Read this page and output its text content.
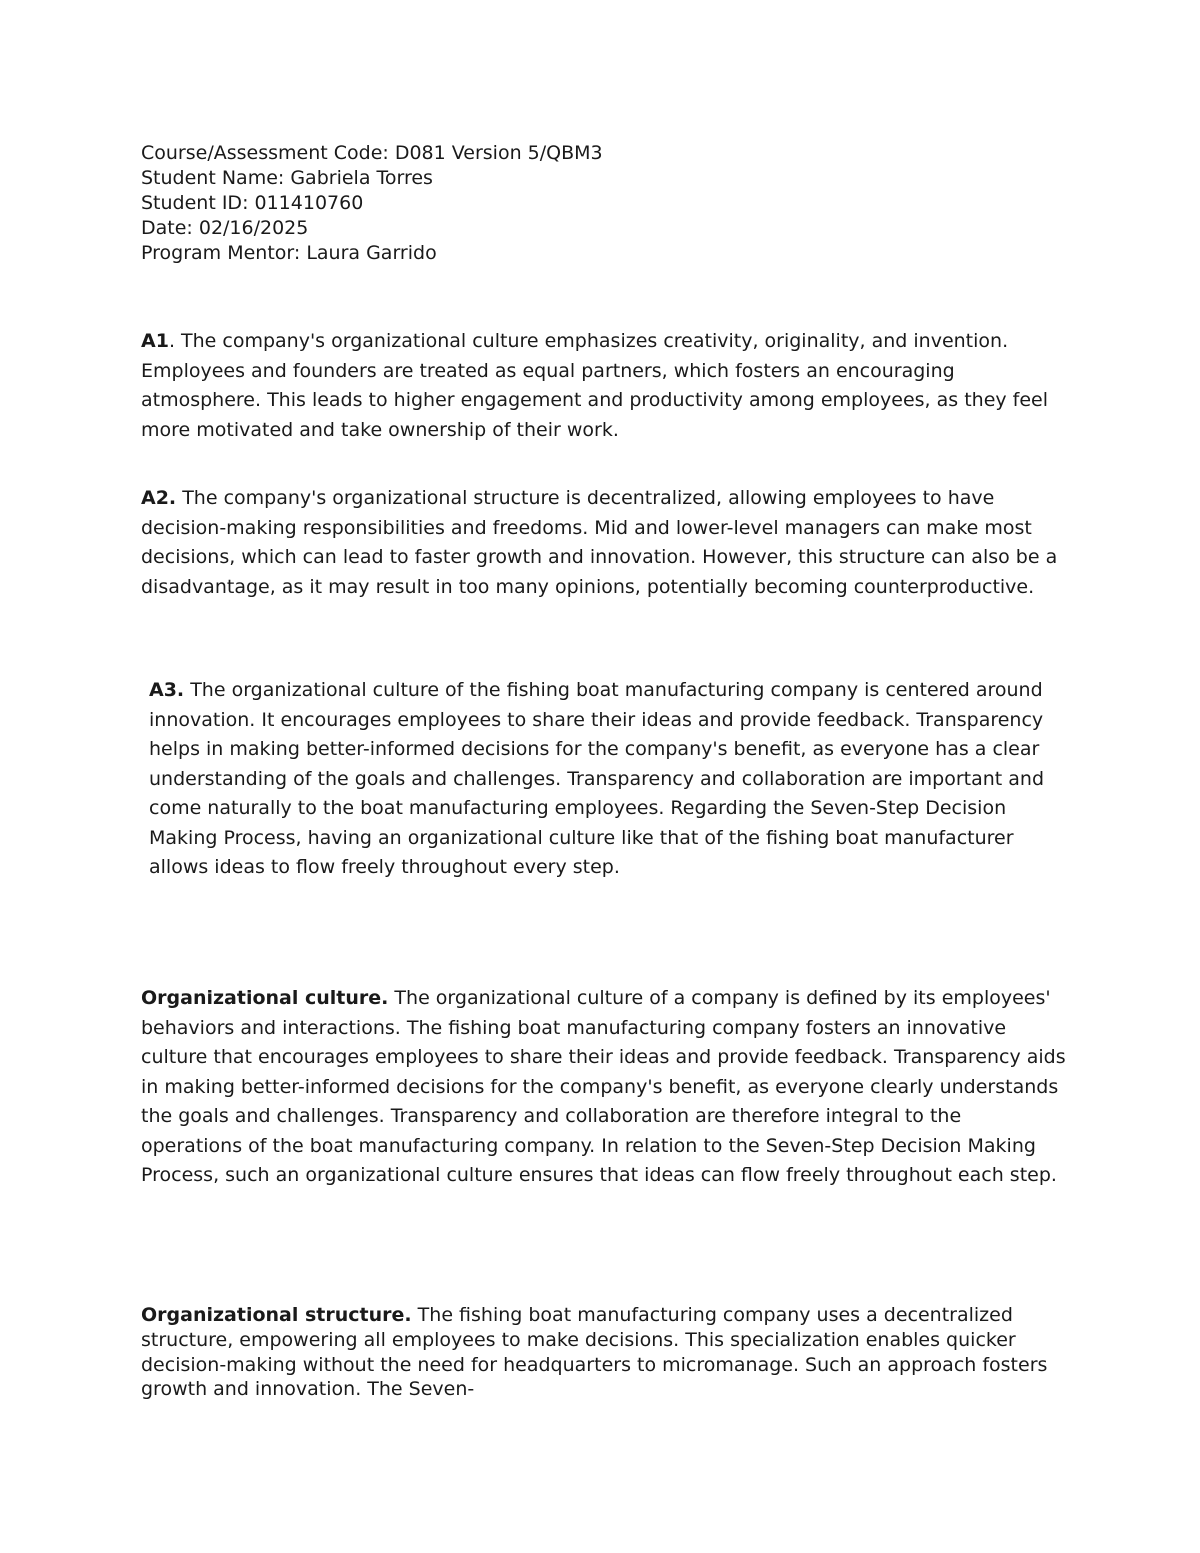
Course/Assessment Code: D081 Version 5/QBM3
Student Name: Gabriela Torres
Student ID: 011410760
Date: 02/16/2025
Program Mentor: Laura Garrido

A1. The company's organizational culture emphasizes creativity, originality, and invention. Employees and founders are treated as equal partners, which fosters an encouraging atmosphere. This leads to higher engagement and productivity among employees, as they feel more motivated and take ownership of their work.

A2. The company's organizational structure is decentralized, allowing employees to have decision-making responsibilities and freedoms. Mid and lower-level managers can make most decisions, which can lead to faster growth and innovation. However, this structure can also be a disadvantage, as it may result in too many opinions, potentially becoming counterproductive.

A3. The organizational culture of the fishing boat manufacturing company is centered around innovation. It encourages employees to share their ideas and provide feedback. Transparency helps in making better-informed decisions for the company's benefit, as everyone has a clear understanding of the goals and challenges. Transparency and collaboration are important and come naturally to the boat manufacturing employees. Regarding the Seven-Step Decision Making Process, having an organizational culture like that of the fishing boat manufacturer allows ideas to flow freely throughout every step.

Organizational culture. The organizational culture of a company is defined by its employees' behaviors and interactions. The fishing boat manufacturing company fosters an innovative culture that encourages employees to share their ideas and provide feedback. Transparency aids in making better-informed decisions for the company's benefit, as everyone clearly understands the goals and challenges. Transparency and collaboration are therefore integral to the operations of the boat manufacturing company. In relation to the Seven-Step Decision Making Process, such an organizational culture ensures that ideas can flow freely throughout each step.

Organizational structure. The fishing boat manufacturing company uses a decentralized structure, empowering all employees to make decisions. This specialization enables quicker decision-making without the need for headquarters to micromanage. Such an approach fosters growth and innovation. The Seven-
